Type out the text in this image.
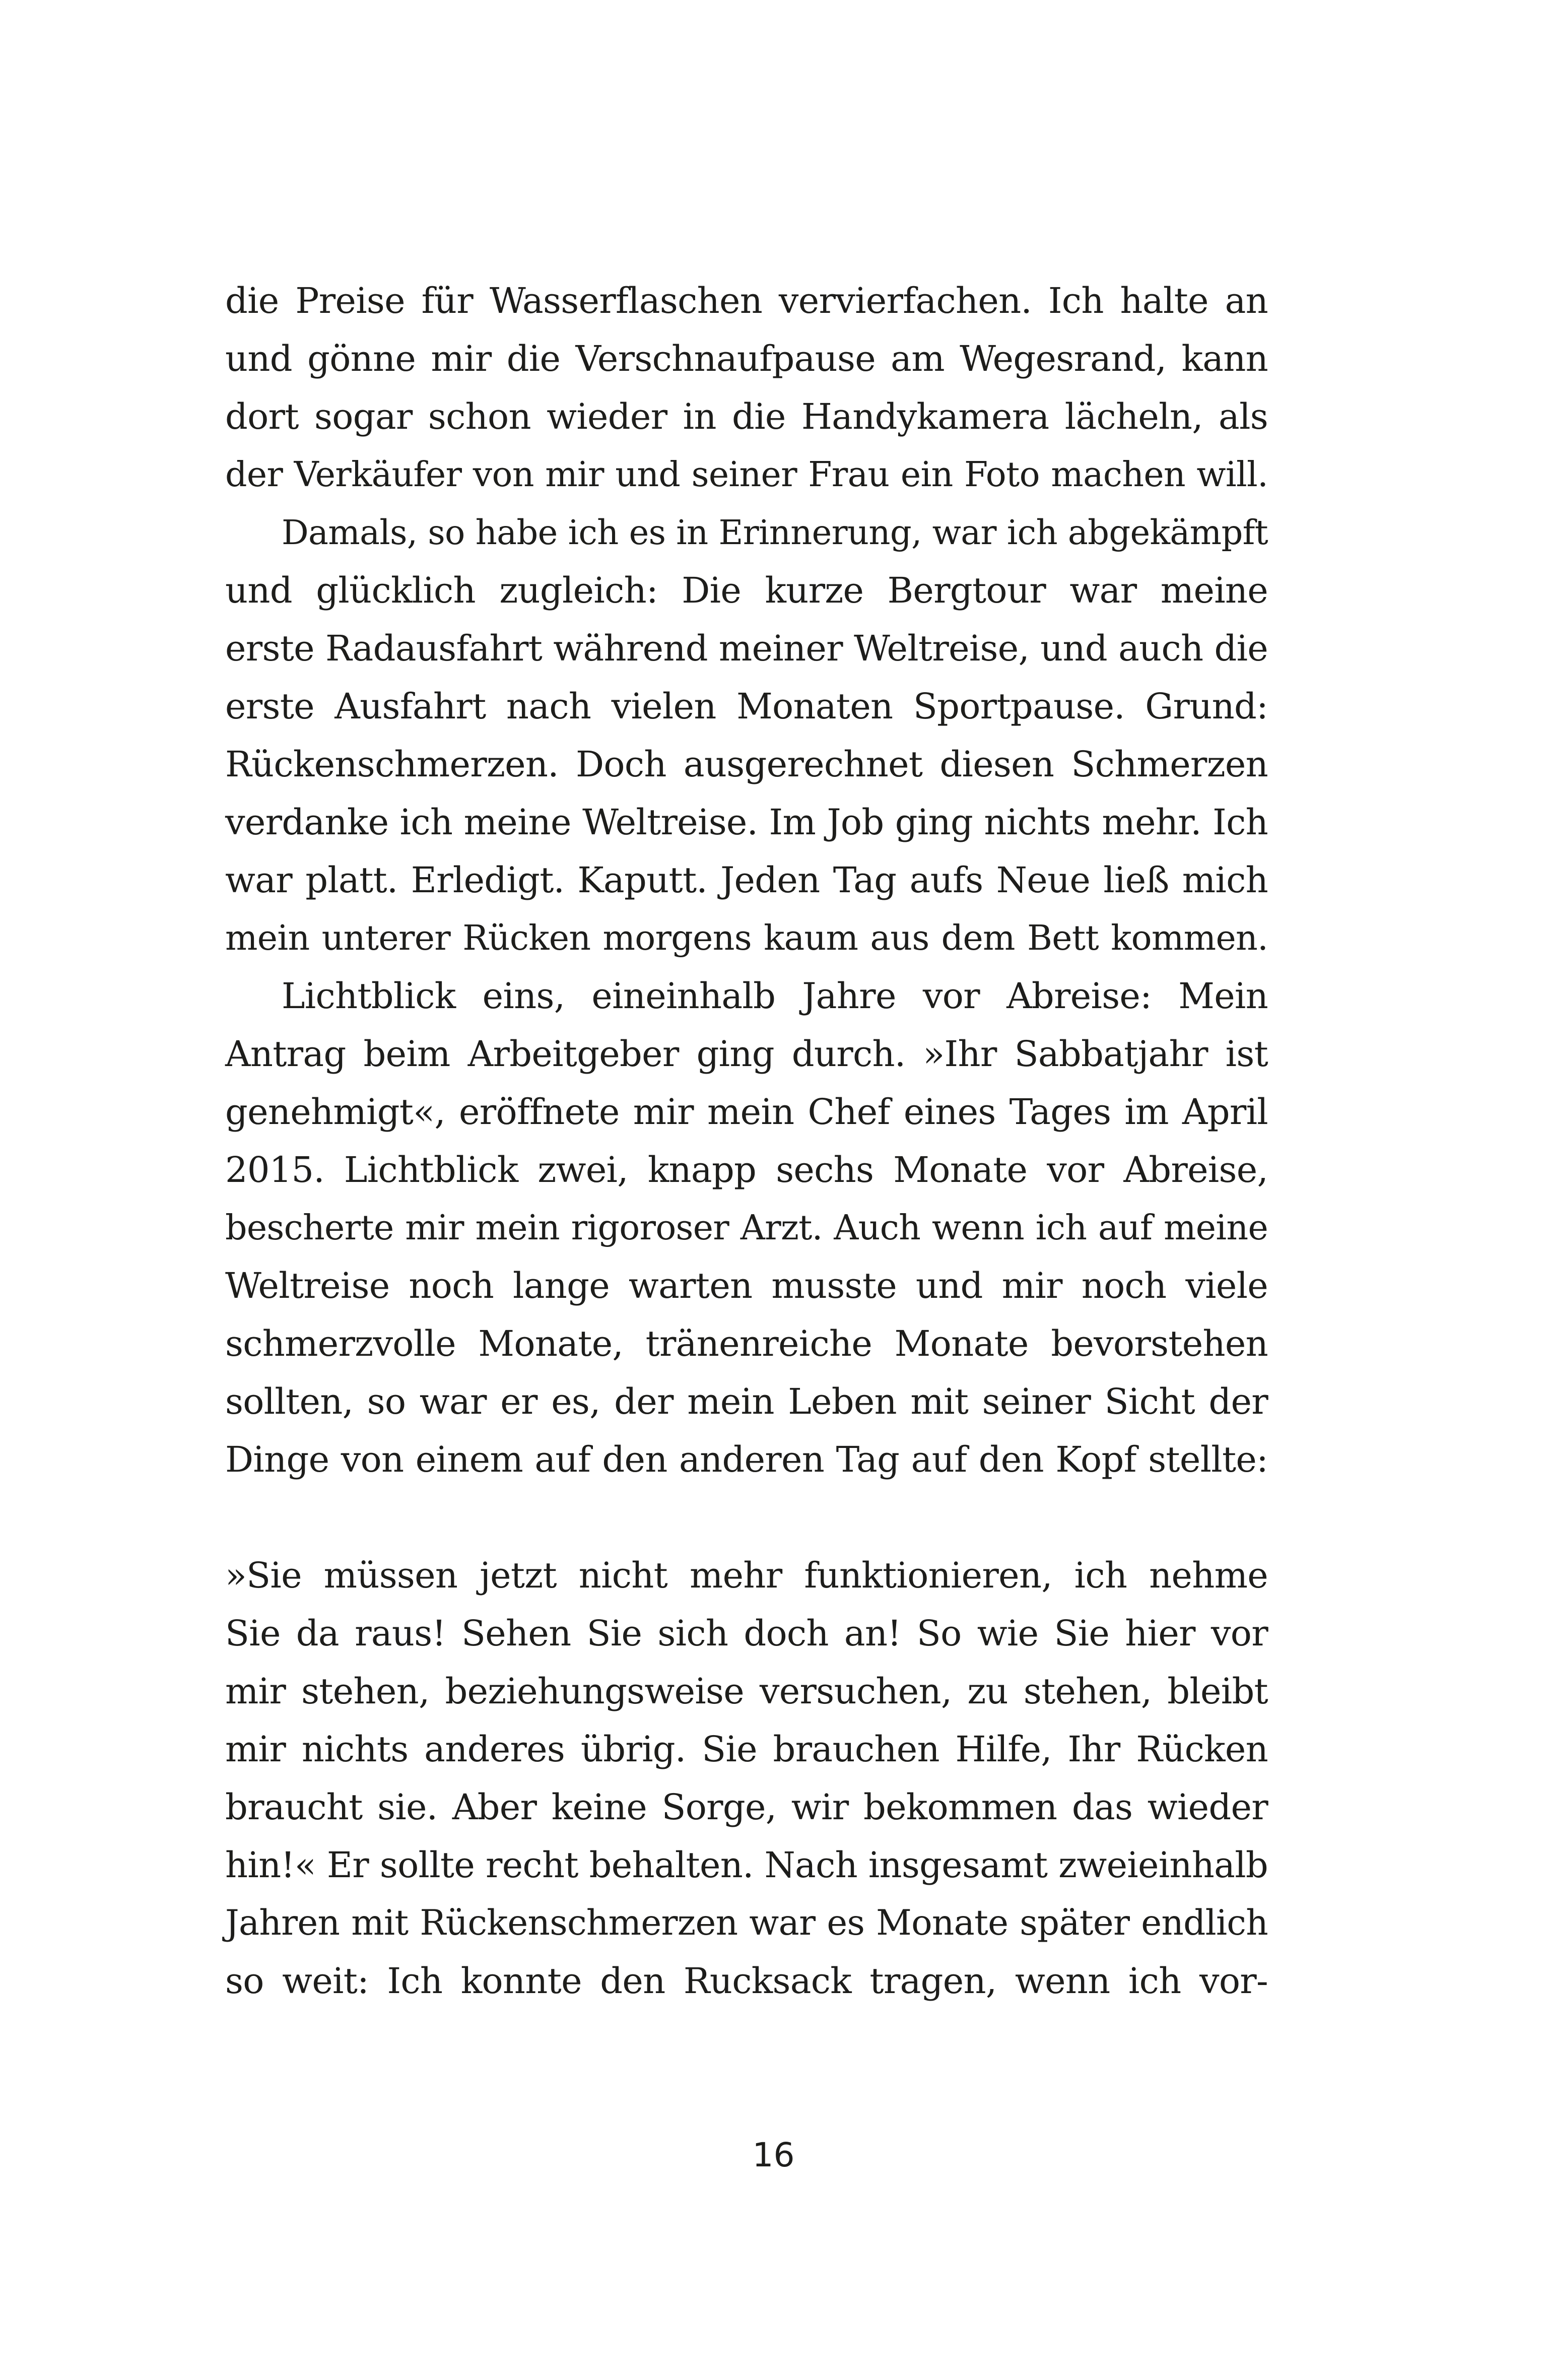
die Preise für Wasserflaschen vervierfachen. Ich halte an
und gönne mir die Verschnaufpause am Wegesrand, kann
dort sogar schon wieder in die Handykamera lächeln, als
der Verkäufer von mir und seiner Frau ein Foto machen will.
Damals, so habe ich es in Erinnerung, war ich abgekämpft
und glücklich zugleich: Die kurze Bergtour war meine
erste Radausfahrt während meiner Weltreise, und auch die
erste Ausfahrt nach vielen Monaten Sportpause. Grund:
Rückenschmerzen. Doch ausgerechnet diesen Schmerzen
verdanke ich meine Weltreise. Im Job ging nichts mehr. Ich
war platt. Erledigt. Kaputt. Jeden Tag aufs Neue ließ mich
mein unterer Rücken morgens kaum aus dem Bett kommen.
Lichtblick eins, eineinhalb Jahre vor Abreise: Mein
Antrag beim Arbeitgeber ging durch. »Ihr Sabbatjahr ist
genehmigt«, eröffnete mir mein Chef eines Tages im April
2015. Lichtblick zwei, knapp sechs Monate vor Abreise,
bescherte mir mein rigoroser Arzt. Auch wenn ich auf meine
Weltreise noch lange warten musste und mir noch viele
schmerzvolle Monate, tränenreiche Monate bevorstehen
sollten, so war er es, der mein Leben mit seiner Sicht der
Dinge von einem auf den anderen Tag auf den Kopf stellte:
»Sie müssen jetzt nicht mehr funktionieren, ich nehme
Sie da raus! Sehen Sie sich doch an! So wie Sie hier vor
mir stehen, beziehungsweise versuchen, zu stehen, bleibt
mir nichts anderes übrig. Sie brauchen Hilfe, Ihr Rücken
braucht sie. Aber keine Sorge, wir bekommen das wieder
hin!« Er sollte recht behalten. Nach insgesamt zweieinhalb
Jahren mit Rückenschmerzen war es Monate später endlich
so weit: Ich konnte den Rucksack tragen, wenn ich vor-
16
